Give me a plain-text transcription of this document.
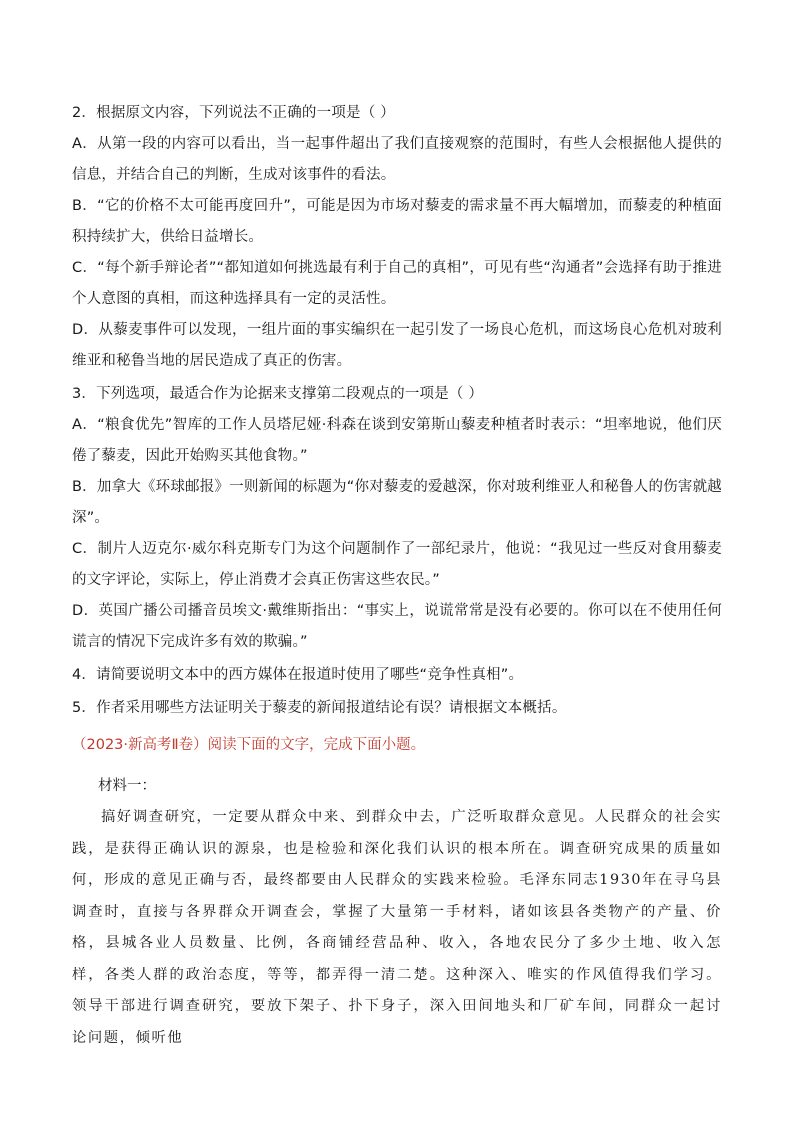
2．根据原文内容，下列说法不正确的一项是（ ）

A．从第一段的内容可以看出，当一起事件超出了我们直接观察的范围时，有些人会根据他人提供的信息，并结合自己的判断，生成对该事件的看法。

B．“它的价格不太可能再度回升”，可能是因为市场对藜麦的需求量不再大幅增加，而藜麦的种植面积持续扩大，供给日益增长。

C．“每个新手辩论者”“都知道如何挑选最有利于自己的真相”，可见有些“沟通者”会选择有助于推进个人意图的真相，而这种选择具有一定的灵活性。

D．从藜麦事件可以发现，一组片面的事实编织在一起引发了一场良心危机，而这场良心危机对玻利维亚和秘鲁当地的居民造成了真正的伤害。

3．下列选项，最适合作为论据来支撑第二段观点的一项是（ ）

A．“粮食优先”智库的工作人员塔尼娅·科森在谈到安第斯山藜麦种植者时表示：“坦率地说，他们厌倦了藜麦，因此开始购买其他食物。”

B．加拿大《环球邮报》一则新闻的标题为“你对藜麦的爱越深，你对玻利维亚人和秘鲁人的伤害就越深”。

C．制片人迈克尔·威尔科克斯专门为这个问题制作了一部纪录片，他说：“我见过一些反对食用藜麦的文字评论，实际上，停止消费才会真正伤害这些农民。”

D．英国广播公司播音员埃文·戴维斯指出：“事实上，说谎常常是没有必要的。你可以在不使用任何谎言的情况下完成许多有效的欺骗。”

4．请简要说明文本中的西方媒体在报道时使用了哪些“竞争性真相”。

5．作者采用哪些方法证明关于藜麦的新闻报道结论有误？请根据文本概括。

（2023·新高考Ⅱ卷）阅读下面的文字，完成下面小题。

材料一：

搞好调查研究，一定要从群众中来、到群众中去，广泛听取群众意见。人民群众的社会实践，是获得正确认识的源泉，也是检验和深化我们认识的根本所在。调查研究成果的质量如何，形成的意见正确与否，最终都要由人民群众的实践来检验。毛泽东同志1930年在寻乌县调查时，直接与各界群众开调查会，掌握了大量第一手材料，诸如该县各类物产的产量、价格，县城各业人员数量、比例，各商铺经营品种、收入，各地农民分了多少土地、收入怎样，各类人群的政治态度，等等，都弄得一清二楚。这种深入、唯实的作风值得我们学习。领导干部进行调查研究，要放下架子、扑下身子，深入田间地头和厂矿车间，同群众一起讨论问题，倾听他
